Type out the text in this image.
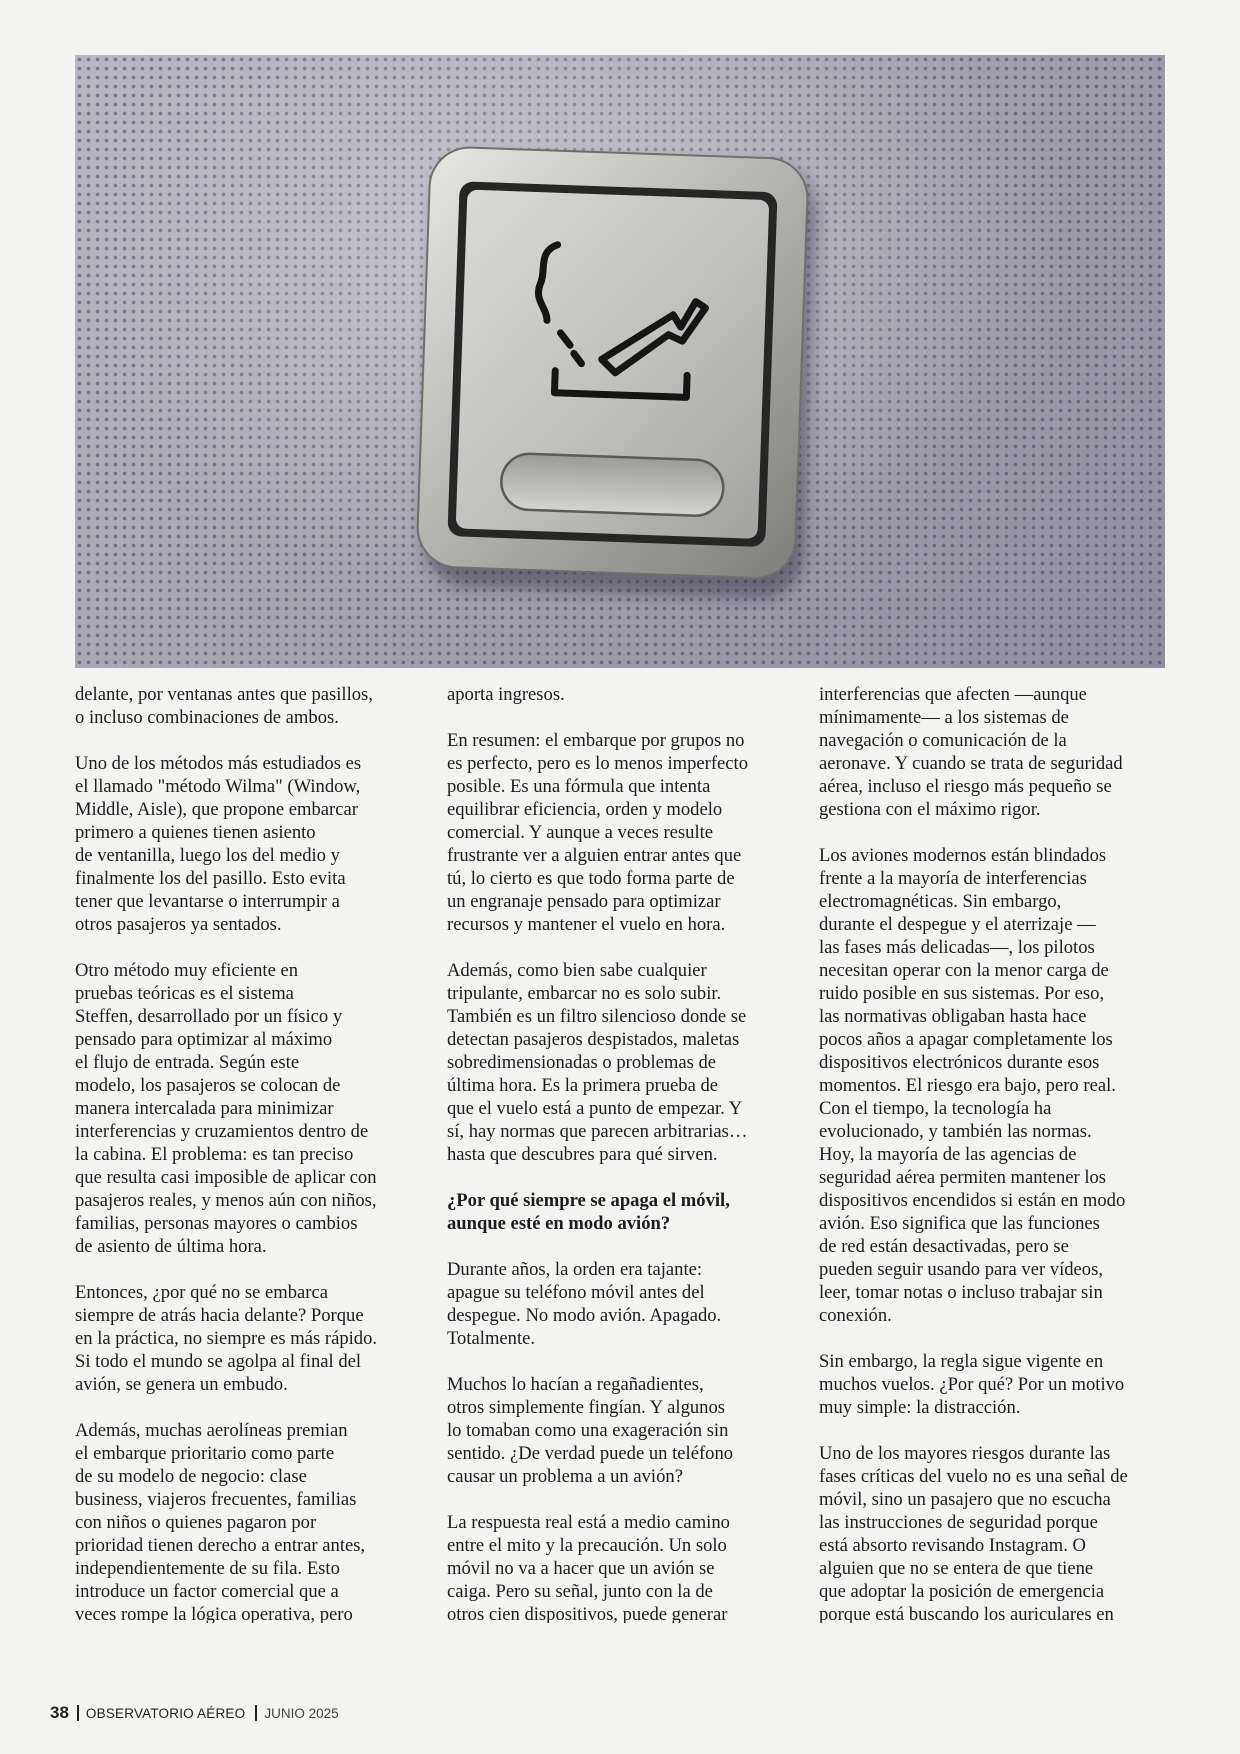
delante, por ventanas antes que pasillos,
o incluso combinaciones de ambos.

Uno de los métodos más estudiados es
el llamado "método Wilma" (Window,
Middle, Aisle), que propone embarcar
primero a quienes tienen asiento
de ventanilla, luego los del medio y
finalmente los del pasillo. Esto evita
tener que levantarse o interrumpir a
otros pasajeros ya sentados.

Otro método muy eficiente en
pruebas teóricas es el sistema
Steffen, desarrollado por un físico y
pensado para optimizar al máximo
el flujo de entrada. Según este
modelo, los pasajeros se colocan de
manera intercalada para minimizar
interferencias y cruzamientos dentro de
la cabina. El problema: es tan preciso
que resulta casi imposible de aplicar con
pasajeros reales, y menos aún con niños,
familias, personas mayores o cambios
de asiento de última hora.

Entonces, ¿por qué no se embarca
siempre de atrás hacia delante? Porque
en la práctica, no siempre es más rápido.
Si todo el mundo se agolpa al final del
avión, se genera un embudo.

Además, muchas aerolíneas premian
el embarque prioritario como parte
de su modelo de negocio: clase
business, viajeros frecuentes, familias
con niños o quienes pagaron por
prioridad tienen derecho a entrar antes,
independientemente de su fila. Esto
introduce un factor comercial que a
veces rompe la lógica operativa, pero

aporta ingresos.

En resumen: el embarque por grupos no
es perfecto, pero es lo menos imperfecto
posible. Es una fórmula que intenta
equilibrar eficiencia, orden y modelo
comercial. Y aunque a veces resulte
frustrante ver a alguien entrar antes que
tú, lo cierto es que todo forma parte de
un engranaje pensado para optimizar
recursos y mantener el vuelo en hora.

Además, como bien sabe cualquier
tripulante, embarcar no es solo subir.
También es un filtro silencioso donde se
detectan pasajeros despistados, maletas
sobredimensionadas o problemas de
última hora. Es la primera prueba de
que el vuelo está a punto de empezar. Y
sí, hay normas que parecen arbitrarias…
hasta que descubres para qué sirven.

¿Por qué siempre se apaga el móvil,
aunque esté en modo avión?

Durante años, la orden era tajante:
apague su teléfono móvil antes del
despegue. No modo avión. Apagado.
Totalmente.

Muchos lo hacían a regañadientes,
otros simplemente fingían. Y algunos
lo tomaban como una exageración sin
sentido. ¿De verdad puede un teléfono
causar un problema a un avión?

La respuesta real está a medio camino
entre el mito y la precaución. Un solo
móvil no va a hacer que un avión se
caiga. Pero su señal, junto con la de
otros cien dispositivos, puede generar

interferencias que afecten —aunque
mínimamente— a los sistemas de
navegación o comunicación de la
aeronave. Y cuando se trata de seguridad
aérea, incluso el riesgo más pequeño se
gestiona con el máximo rigor.

Los aviones modernos están blindados
frente a la mayoría de interferencias
electromagnéticas. Sin embargo,
durante el despegue y el aterrizaje —
las fases más delicadas—, los pilotos
necesitan operar con la menor carga de
ruido posible en sus sistemas. Por eso,
las normativas obligaban hasta hace
pocos años a apagar completamente los
dispositivos electrónicos durante esos
momentos. El riesgo era bajo, pero real.
Con el tiempo, la tecnología ha
evolucionado, y también las normas.
Hoy, la mayoría de las agencias de
seguridad aérea permiten mantener los
dispositivos encendidos si están en modo
avión. Eso significa que las funciones
de red están desactivadas, pero se
pueden seguir usando para ver vídeos,
leer, tomar notas o incluso trabajar sin
conexión.

Sin embargo, la regla sigue vigente en
muchos vuelos. ¿Por qué? Por un motivo
muy simple: la distracción.

Uno de los mayores riesgos durante las
fases críticas del vuelo no es una señal de
móvil, sino un pasajero que no escucha
las instrucciones de seguridad porque
está absorto revisando Instagram. O
alguien que no se entera de que tiene
que adoptar la posición de emergencia
porque está buscando los auriculares en

38 OBSERVATORIO AÉREO JUNIO 2025
